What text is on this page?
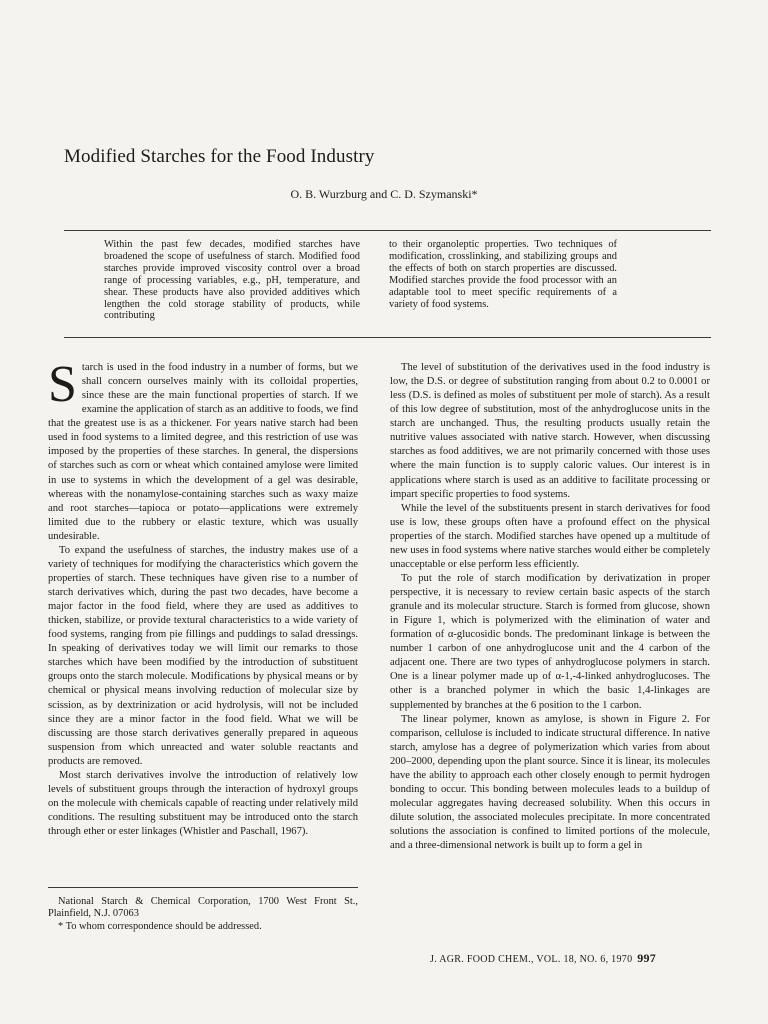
Modified Starches for the Food Industry
O. B. Wurzburg and C. D. Szymanski*

Within the past few decades, modified starches have broadened the scope of usefulness of starch. Modified food starches provide improved viscosity control over a broad range of processing variables, e.g., pH, temperature, and shear. These products have also provided additives which lengthen the cold storage stability of products, while contributing

to their organoleptic properties. Two techniques of modification, crosslinking, and stabilizing groups and the effects of both on starch properties are discussed. Modified starches provide the food processor with an adaptable tool to meet specific requirements of a variety of food systems.

Starch is used in the food industry in a number of forms, but we shall concern ourselves mainly with its colloidal properties, since these are the main functional properties of starch. If we examine the application of starch as an additive to foods, we find that the greatest use is as a thickener. For years native starch had been used in food systems to a limited degree, and this restriction of use was imposed by the properties of these starches. In general, the dispersions of starches such as corn or wheat which contained amylose were limited in use to systems in which the development of a gel was desirable, whereas with the nonamylose-containing starches such as waxy maize and root starches—tapioca or potato—applications were extremely limited due to the rubbery or elastic texture, which was usually undesirable.

To expand the usefulness of starches, the industry makes use of a variety of techniques for modifying the characteristics which govern the properties of starch. These techniques have given rise to a number of starch derivatives which, during the past two decades, have become a major factor in the food field, where they are used as additives to thicken, stabilize, or provide textural characteristics to a wide variety of food systems, ranging from pie fillings and puddings to salad dressings. In speaking of derivatives today we will limit our remarks to those starches which have been modified by the introduction of substituent groups onto the starch molecule. Modifications by physical means or by chemical or physical means involving reduction of molecular size by scission, as by dextrinization or acid hydrolysis, will not be included since they are a minor factor in the food field. What we will be discussing are those starch derivatives generally prepared in aqueous suspension from which unreacted and water soluble reactants and products are removed.

Most starch derivatives involve the introduction of relatively low levels of substituent groups through the interaction of hydroxyl groups on the molecule with chemicals capable of reacting under relatively mild conditions. The resulting substituent may be introduced onto the starch through ether or ester linkages (Whistler and Paschall, 1967).

National Starch & Chemical Corporation, 1700 West Front St., Plainfield, N.J. 07063

* To whom correspondence should be addressed.

The level of substitution of the derivatives used in the food industry is low, the D.S. or degree of substitution ranging from about 0.2 to 0.0001 or less (D.S. is defined as moles of substituent per mole of starch). As a result of this low degree of substitution, most of the anhydroglucose units in the starch are unchanged. Thus, the resulting products usually retain the nutritive values associated with native starch. However, when discussing starches as food additives, we are not primarily concerned with those uses where the main function is to supply caloric values. Our interest is in applications where starch is used as an additive to facilitate processing or impart specific properties to food systems.

While the level of the substituents present in starch derivatives for food use is low, these groups often have a profound effect on the physical properties of the starch. Modified starches have opened up a multitude of new uses in food systems where native starches would either be completely unacceptable or else perform less efficiently.

To put the role of starch modification by derivatization in proper perspective, it is necessary to review certain basic aspects of the starch granule and its molecular structure. Starch is formed from glucose, shown in Figure 1, which is polymerized with the elimination of water and formation of α-glucosidic bonds. The predominant linkage is between the number 1 carbon of one anhydroglucose unit and the 4 carbon of the adjacent one. There are two types of anhydroglucose polymers in starch. One is a linear polymer made up of α-1,-4-linked anhydroglucoses. The other is a branched polymer in which the basic 1,4-linkages are supplemented by branches at the 6 position to the 1 carbon.

The linear polymer, known as amylose, is shown in Figure 2. For comparison, cellulose is included to indicate structural difference. In native starch, amylose has a degree of polymerization which varies from about 200–2000, depending upon the plant source. Since it is linear, its molecules have the ability to approach each other closely enough to permit hydrogen bonding to occur. This bonding between molecules leads to a buildup of molecular aggregates having decreased solubility. When this occurs in dilute solution, the associated molecules precipitate. In more concentrated solutions the association is confined to limited portions of the molecule, and a three-dimensional network is built up to form a gel in

J. AGR. FOOD CHEM., VOL. 18, NO. 6, 1970 997
